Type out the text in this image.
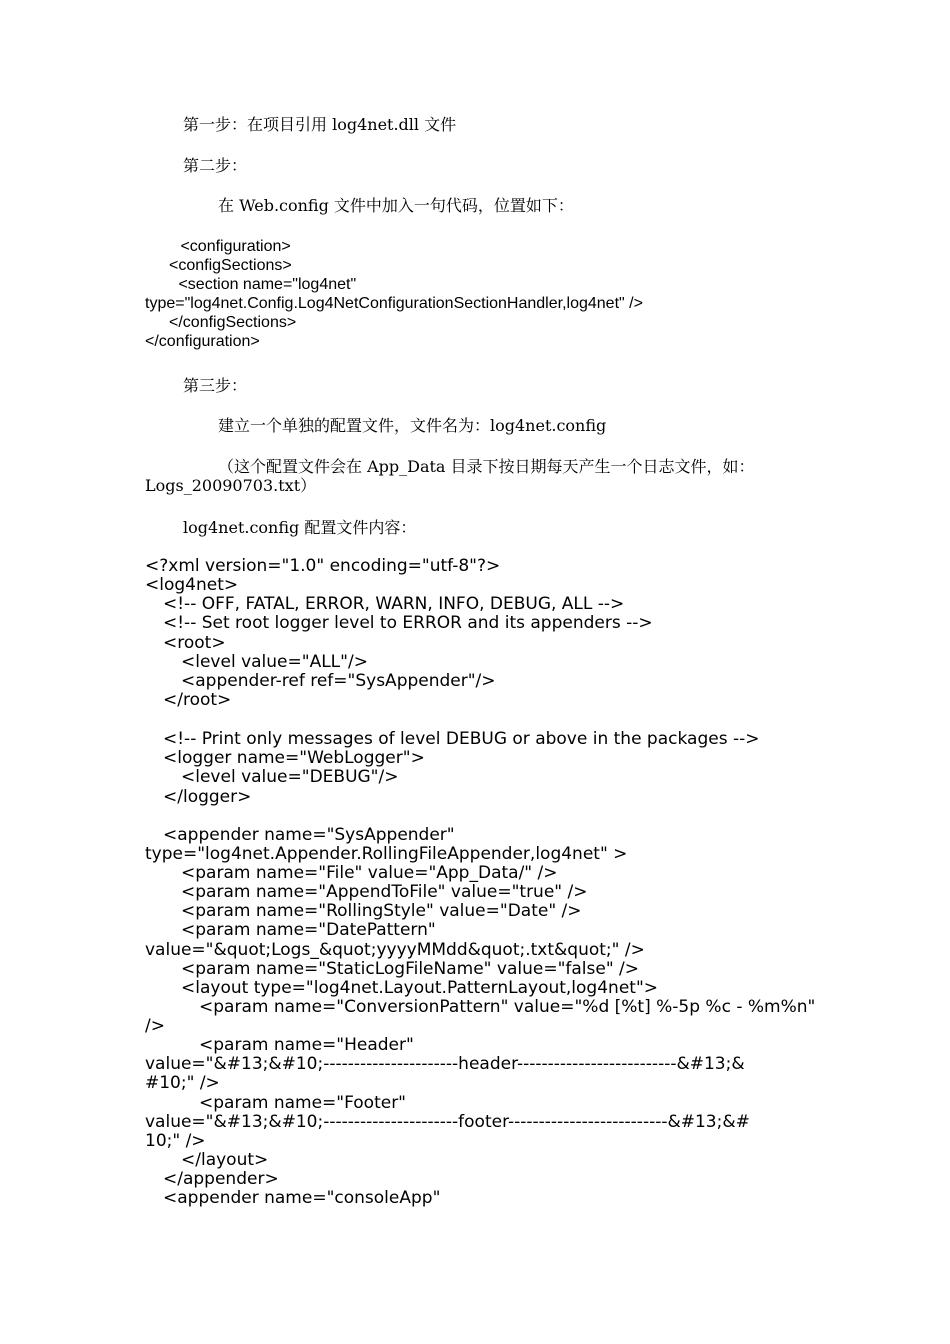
第一步：在项目引用 log4net.dll 文件
第二步：
在 Web.config 文件中加入一句代码，位置如下：
<configuration>
<configSections>
<section name="log4net"
type="log4net.Config.Log4NetConfigurationSectionHandler,log4net" />
</configSections>
</configuration>
第三步：
建立一个单独的配置文件，文件名为：log4net.config
（这个配置文件会在 App_Data 目录下按日期每天产生一个日志文件，如：
Logs_20090703.txt）
log4net.config 配置文件内容：
<?xml version="1.0" encoding="utf-8"?>
<log4net>
<!-- OFF, FATAL, ERROR, WARN, INFO, DEBUG, ALL -->
<!-- Set root logger level to ERROR and its appenders -->
<root>
<level value="ALL"/>
<appender-ref ref="SysAppender"/>
</root>
<!-- Print only messages of level DEBUG or above in the packages -->
<logger name="WebLogger">
<level value="DEBUG"/>
</logger>
<appender name="SysAppender"
type="log4net.Appender.RollingFileAppender,log4net" >
<param name="File" value="App_Data/" />
<param name="AppendToFile" value="true" />
<param name="RollingStyle" value="Date" />
<param name="DatePattern"
value="&quot;Logs_&quot;yyyyMMdd&quot;.txt&quot;" />
<param name="StaticLogFileName" value="false" />
<layout type="log4net.Layout.PatternLayout,log4net">
<param name="ConversionPattern" value="%d [%t] %-5p %c - %m%n"
/>
<param name="Header"
value="&#13;&#10;----------------------header--------------------------&#13;&
#10;" />
<param name="Footer"
value="&#13;&#10;----------------------footer--------------------------&#13;&#
10;" />
</layout>
</appender>
<appender name="consoleApp"
